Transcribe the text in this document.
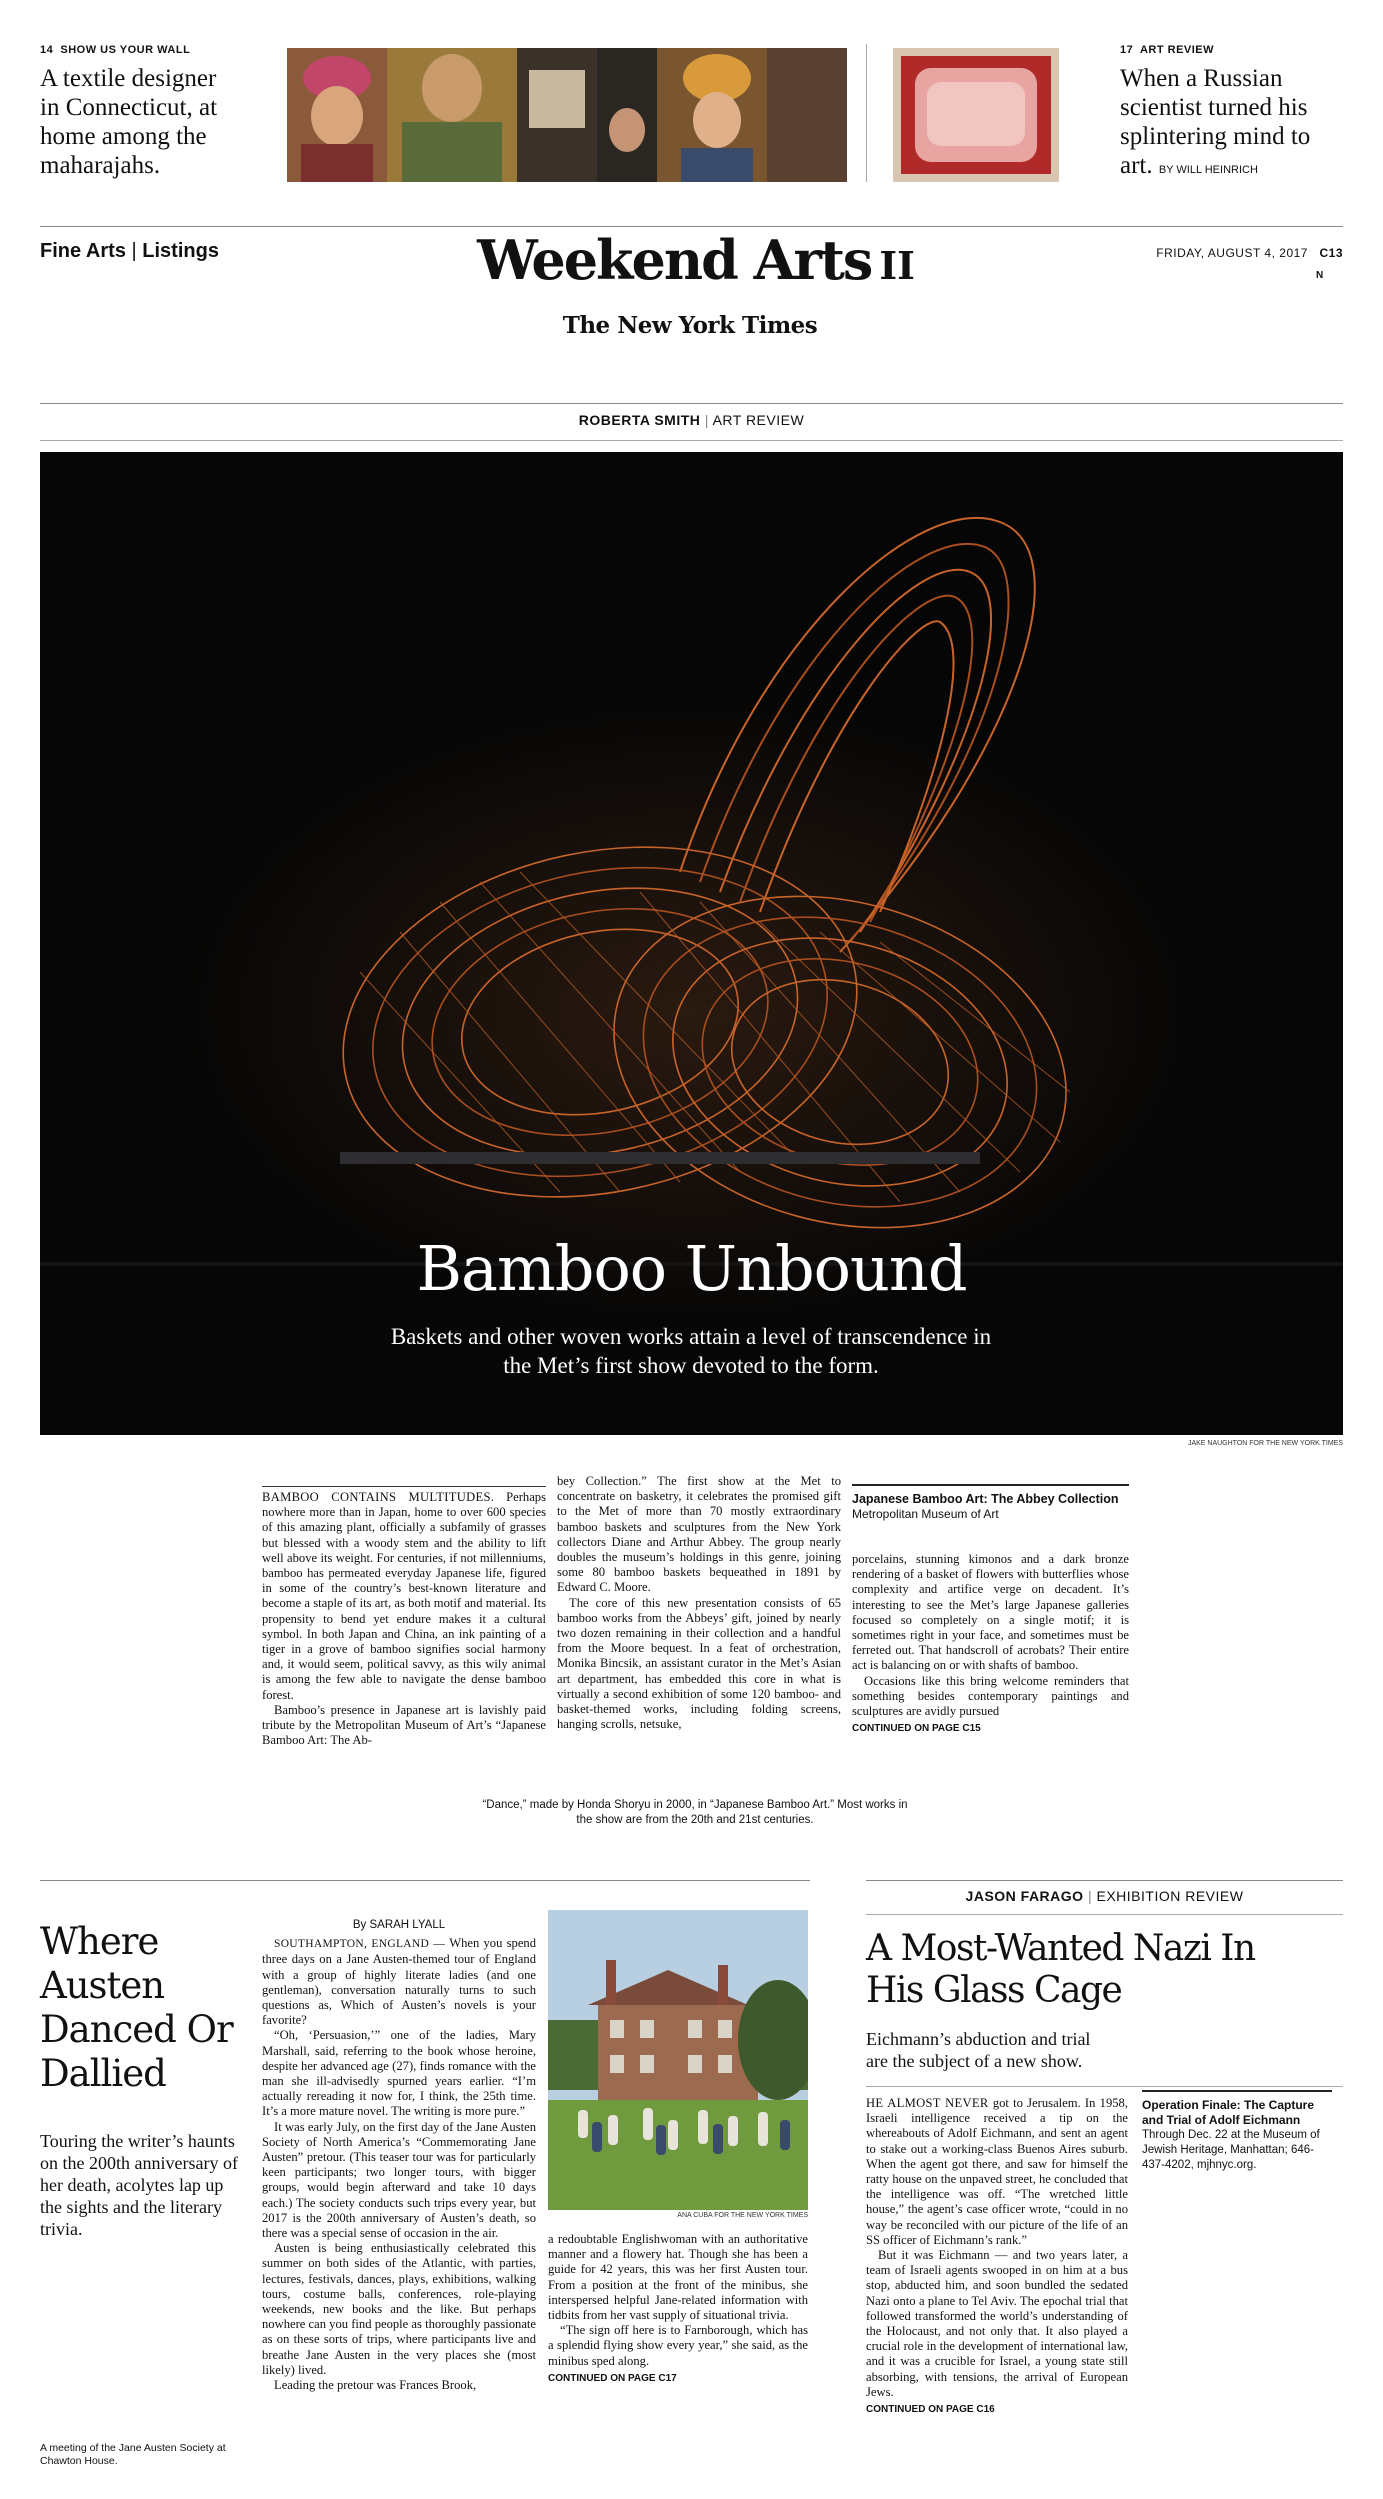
14 SHOW US YOUR WALL
A textile designer in Connecticut, at home among the maharajahs.
17 ART REVIEW
When a Russian scientist turned his splintering mind to art. BY WILL HEINRICH
Fine Arts | Listings	Weekend Arts II
The New York Times
FRIDAY, AUGUST 4, 2017 C13
N
ROBERTA SMITH | ART REVIEW
Bamboo Unbound
Baskets and other woven works attain a level of transcendence in the Met’s first show devoted to the form.
JAKE NAUGHTON FOR THE NEW YORK TIMES

BAMBOO CONTAINS MULTITUDES. Perhaps nowhere more than in Japan, home to over 600 species of this amazing plant, officially a subfamily of grasses but blessed with a woody stem and the ability to lift well above its weight. For centuries, if not millenniums, bamboo has permeated everyday Japanese life, figured in some of the country’s best-known literature and become a staple of its art, as both motif and material. Its propensity to bend yet endure makes it a cultural symbol. In both Japan and China, an ink painting of a tiger in a grove of bamboo signifies social harmony and, it would seem, political savvy, as this wily animal is among the few able to navigate the dense bamboo forest.

Bamboo’s presence in Japanese art is lavishly paid tribute by the Metropolitan Museum of Art’s “Japanese Bamboo Art: The Ab-

bey Collection.” The first show at the Met to concentrate on basketry, it celebrates the promised gift to the Met of more than 70 mostly extraordinary bamboo baskets and sculptures from the New York collectors Diane and Arthur Abbey. The group nearly doubles the museum’s holdings in this genre, joining some 80 bamboo baskets bequeathed in 1891 by Edward C. Moore.

The core of this new presentation consists of 65 bamboo works from the Abbeys’ gift, joined by nearly two dozen remaining in their collection and a handful from the Moore bequest. In a feat of orchestration, Monika Bincsik, an assistant curator in the Met’s Asian art department, has embedded this core in what is virtually a second exhibition of some 120 bamboo- and basket-themed works, including folding screens, hanging scrolls, netsuke,

Japanese Bamboo Art: The Abbey Collection
Metropolitan Museum of Art

porcelains, stunning kimonos and a dark bronze rendering of a basket of flowers with butterflies whose complexity and artifice verge on decadent. It’s interesting to see the Met’s large Japanese galleries focused so completely on a single motif; it is sometimes right in your face, and sometimes must be ferreted out. That handscroll of acrobats? Their entire act is balancing on or with shafts of bamboo.

Occasions like this bring welcome reminders that something besides contemporary paintings and sculptures are avidly pursued

CONTINUED ON PAGE C15
“Dance,” made by Honda Shoryu in 2000, in “Japanese Bamboo Art.” Most works in the show are from the 20th and 21st centuries.
Where Austen Danced Or Dallied
Touring the writer’s haunts on the 200th anniversary of her death, acolytes lap up the sights and the literary trivia.
A meeting of the Jane Austen Society at Chawton House.
By SARAH LYALL

SOUTHAMPTON, ENGLAND — When you spend three days on a Jane Austen-themed tour of England with a group of highly literate ladies (and one gentleman), conversation naturally turns to such questions as, Which of Austen’s novels is your favorite?

“Oh, ‘Persuasion,’” one of the ladies, Mary Marshall, said, referring to the book whose heroine, despite her advanced age (27), finds romance with the man she ill-advisedly spurned years earlier. “I’m actually rereading it now for, I think, the 25th time. It’s a more mature novel. The writing is more pure.”

It was early July, on the first day of the Jane Austen Society of North America’s “Commemorating Jane Austen” pretour. (This teaser tour was for particularly keen participants; two longer tours, with bigger groups, would begin afterward and take 10 days each.) The society conducts such trips every year, but 2017 is the 200th anniversary of Austen’s death, so there was a special sense of occasion in the air.

Austen is being enthusiastically celebrated this summer on both sides of the Atlantic, with parties, lectures, festivals, dances, plays, exhibitions, walking tours, costume balls, conferences, role-playing weekends, new books and the like. But perhaps nowhere can you find people as thoroughly passionate as on these sorts of trips, where participants live and breathe Jane Austen in the very places she (most likely) lived.

Leading the pretour was Frances Brook,

ANA CUBA FOR THE NEW YORK TIMES

a redoubtable Englishwoman with an authoritative manner and a flowery hat. Though she has been a guide for 42 years, this was her first Austen tour. From a position at the front of the minibus, she interspersed helpful Jane-related information with tidbits from her vast supply of situational trivia.

“The sign off here is to Farnborough, which has a splendid flying show every year,” she said, as the minibus sped along.

CONTINUED ON PAGE C17
JASON FARAGO | EXHIBITION REVIEW
A Most-Wanted Nazi In His Glass Cage
Eichmann’s abduction and trial are the subject of a new show.

HE ALMOST NEVER got to Jerusalem. In 1958, Israeli intelligence received a tip on the whereabouts of Adolf Eichmann, and sent an agent to stake out a working-class Buenos Aires suburb. When the agent got there, and saw for himself the ratty house on the unpaved street, he concluded that the intelligence was off. “The wretched little house,” the agent’s case officer wrote, “could in no way be reconciled with our picture of the life of an SS officer of Eichmann’s rank.”

But it was Eichmann — and two years later, a team of Israeli agents swooped in on him at a bus stop, abducted him, and soon bundled the sedated Nazi onto a plane to Tel Aviv. The epochal trial that followed transformed the world’s understanding of the Holocaust, and not only that. It also played a crucial role in the development of international law, and it was a crucible for Israel, a young state still absorbing, with tensions, the arrival of European Jews.

CONTINUED ON PAGE C16
Operation Finale: The Capture and Trial of Adolf Eichmann
Through Dec. 22 at the Museum of Jewish Heritage, Manhattan; 646-437-4202, mjhnyc.org.
